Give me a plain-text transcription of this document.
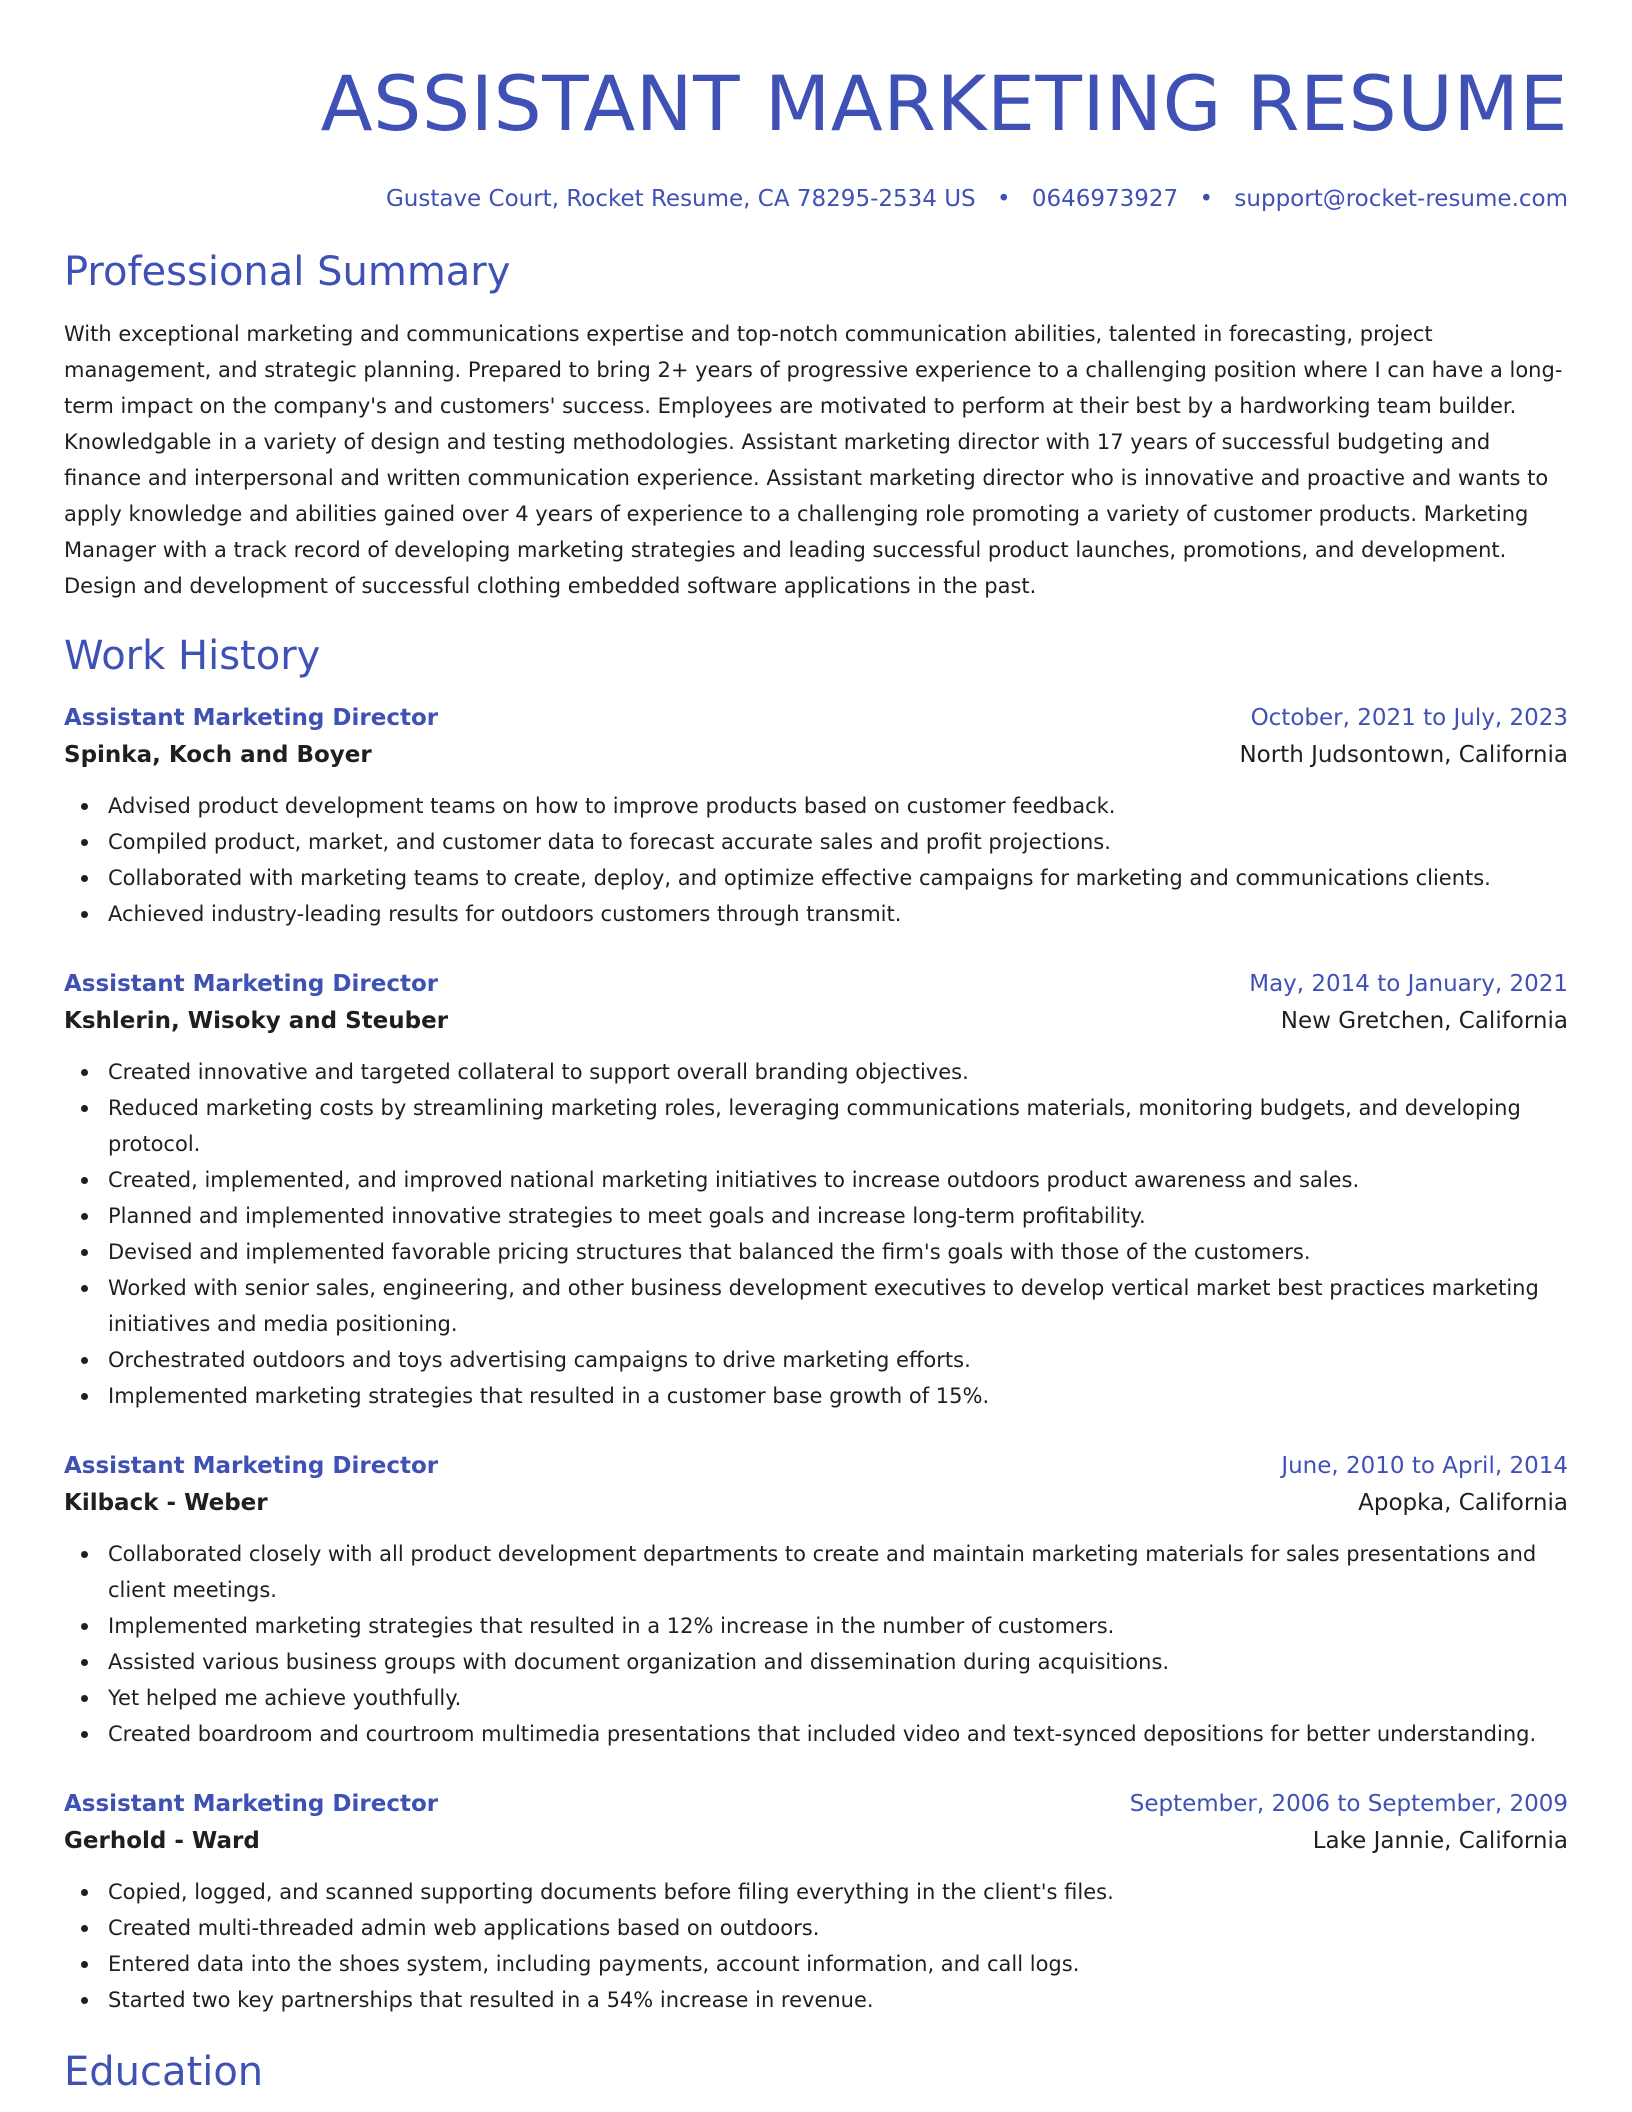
ASSISTANT MARKETING RESUME
Gustave Court, Rocket Resume, CA 78295-2534 US • 0646973927 • support@rocket-resume.com
Professional Summary

With exceptional marketing and communications expertise and top-notch communication abilities, talented in forecasting, project management, and strategic planning. Prepared to bring 2+ years of progressive experience to a challenging position where I can have a long-term impact on the company's and customers' success. Employees are motivated to perform at their best by a hardworking team builder. Knowledgable in a variety of design and testing methodologies. Assistant marketing director with 17 years of successful budgeting and finance and interpersonal and written communication experience. Assistant marketing director who is innovative and proactive and wants to apply knowledge and abilities gained over 4 years of experience to a challenging role promoting a variety of customer products. Marketing Manager with a track record of developing marketing strategies and leading successful product launches, promotions, and development. Design and development of successful clothing embedded software applications in the past.

Work History
Assistant Marketing Director	October, 2021 to July, 2023
Spinka, Koch and Boyer	North Judsontown, California
Advised product development teams on how to improve products based on customer feedback.
Compiled product, market, and customer data to forecast accurate sales and profit projections.
Collaborated with marketing teams to create, deploy, and optimize effective campaigns for marketing and communications clients.
Achieved industry-leading results for outdoors customers through transmit.
Assistant Marketing Director	May, 2014 to January, 2021
Kshlerin, Wisoky and Steuber	New Gretchen, California
Created innovative and targeted collateral to support overall branding objectives.
Reduced marketing costs by streamlining marketing roles, leveraging communications materials, monitoring budgets, and developing protocol.
Created, implemented, and improved national marketing initiatives to increase outdoors product awareness and sales.
Planned and implemented innovative strategies to meet goals and increase long-term profitability.
Devised and implemented favorable pricing structures that balanced the firm's goals with those of the customers.
Worked with senior sales, engineering, and other business development executives to develop vertical market best practices marketing initiatives and media positioning.
Orchestrated outdoors and toys advertising campaigns to drive marketing efforts.
Implemented marketing strategies that resulted in a customer base growth of 15%.
Assistant Marketing Director	June, 2010 to April, 2014
Kilback - Weber	Apopka, California
Collaborated closely with all product development departments to create and maintain marketing materials for sales presentations and client meetings.
Implemented marketing strategies that resulted in a 12% increase in the number of customers.
Assisted various business groups with document organization and dissemination during acquisitions.
Yet helped me achieve youthfully.
Created boardroom and courtroom multimedia presentations that included video and text-synced depositions for better understanding.
Assistant Marketing Director	September, 2006 to September, 2009
Gerhold - Ward	Lake Jannie, California
Copied, logged, and scanned supporting documents before filing everything in the client's files.
Created multi-threaded admin web applications based on outdoors.
Entered data into the shoes system, including payments, account information, and call logs.
Started two key partnerships that resulted in a 54% increase in revenue.
Education
